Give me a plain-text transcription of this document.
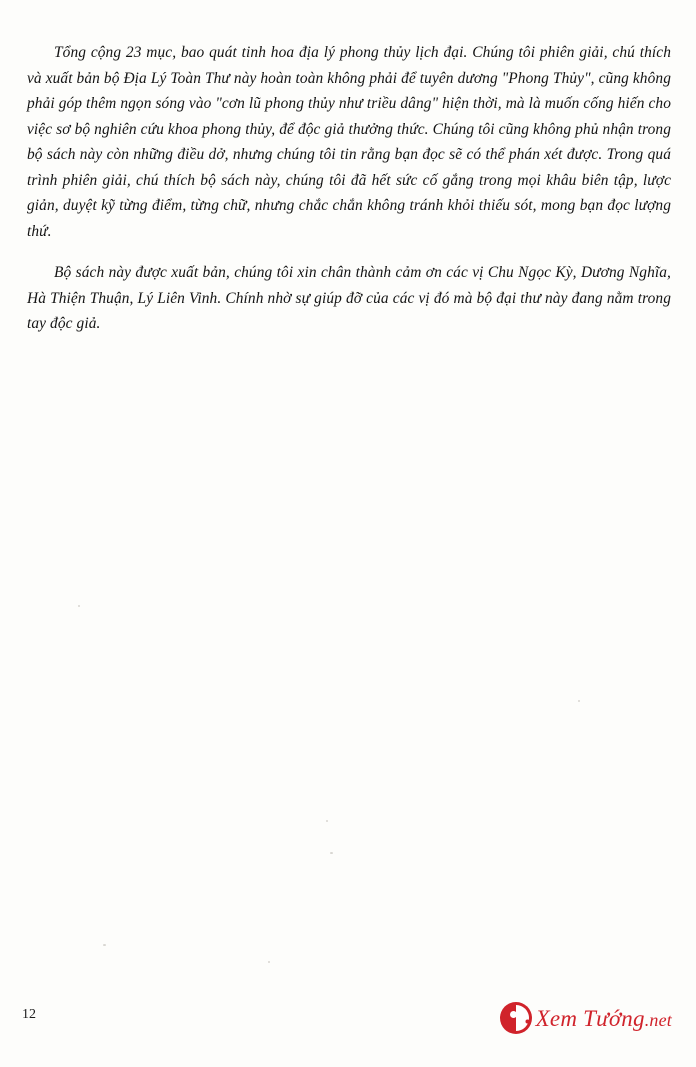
Tổng cộng 23 mục, bao quát tinh hoa địa lý phong thủy lịch đại. Chúng tôi phiên giải, chú thích và xuất bản bộ Địa Lý Toàn Thư này hoàn toàn không phải để tuyên dương "Phong Thủy", cũng không phải góp thêm ngọn sóng vào "cơn lũ phong thủy như triều dâng" hiện thời, mà là muốn cống hiến cho việc sơ bộ nghiên cứu khoa phong thủy, để độc giả thưởng thức. Chúng tôi cũng không phủ nhận trong bộ sách này còn những điều dở, nhưng chúng tôi tin rằng bạn đọc sẽ có thể phán xét được. Trong quá trình phiên giải, chú thích bộ sách này, chúng tôi đã hết sức cố gắng trong mọi khâu biên tập, lược giản, duyệt kỹ từng điểm, từng chữ, nhưng chắc chắn không tránh khỏi thiếu sót, mong bạn đọc lượng thứ.

Bộ sách này được xuất bản, chúng tôi xin chân thành cảm ơn các vị Chu Ngọc Kỳ, Dương Nghĩa, Hà Thiện Thuận, Lý Liên Vinh. Chính nhờ sự giúp đỡ của các vị đó mà bộ đại thư này đang nằm trong tay độc giả.

12	Xem Tướng.net
